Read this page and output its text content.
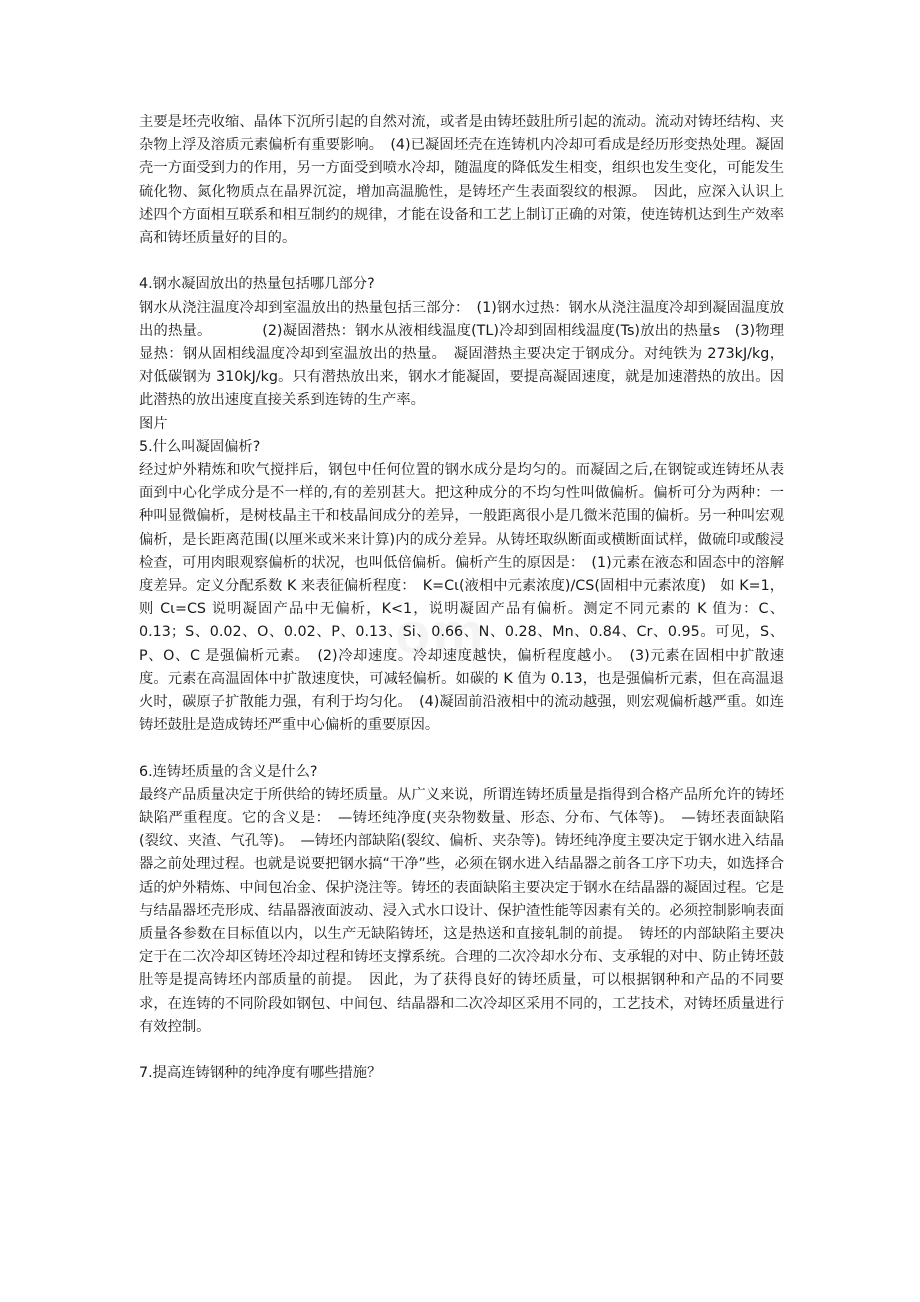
主要是坯壳收缩、晶体下沉所引起的自然对流，或者是由铸坯鼓肚所引起的流动。流动对铸坯结构、夹杂物上浮及溶质元素偏析有重要影响。　(4)已凝固坯壳在连铸机内冷却可看成是经历形变热处理。凝固壳一方面受到力的作用，另一方面受到喷水冷却，随温度的降低发生相变，组织也发生变化，可能发生硫化物、氮化物质点在晶界沉淀，增加高温脆性，是铸坯产生表面裂纹的根源。　因此，应深入认识上述四个方面相互联系和相互制约的规律，才能在设备和工艺上制订正确的对策，使连铸机达到生产效率高和铸坯质量好的目的。

4.钢水凝固放出的热量包括哪几部分?

钢水从浇注温度冷却到室温放出的热量包括三部分：　(1)钢水过热：钢水从浇注温度冷却到凝固温度放出的热量。　　　　(2)凝固潜热：钢水从液相线温度(TL)冷却到固相线温度(Ts)放出的热量s　(3)物理显热：钢从固相线温度冷却到室温放出的热量。　凝固潜热主要决定于钢成分。对纯铁为 273kJ/kg，对低碳钢为 310kJ/kg。只有潜热放出来，钢水才能凝固，要提高凝固速度，就是加速潜热的放出。因此潜热的放出速度直接关系到连铸的生产率。

图片

5.什么叫凝固偏析?

经过炉外精炼和吹气搅拌后，钢包中任何位置的钢水成分是均匀的。而凝固之后,在钢锭或连铸坯从表面到中心化学成分是不一样的,有的差别甚大。把这种成分的不均匀性叫做偏析。偏析可分为两种：一种叫显微偏析，是树枝晶主干和枝晶间成分的差异，一般距离很小是几微米范围的偏析。另一种叫宏观偏析，是长距离范围(以厘米或米来计算)内的成分差异。从铸坯取纵断面或横断面试样，做硫印或酸浸检查，可用肉眼观察偏析的状况，也叫低倍偏析。偏析产生的原因是：　(1)元素在液态和固态中的溶解度差异。定义分配系数 K 来表征偏析程度：　K=Cι(液相中元素浓度)/CS(固相中元素浓度)　如 K=1，则 Cι=CS 说明凝固产品中无偏析，K<1，说明凝固产品有偏析。测定不同元素的 K 值为：C、0.13；S、0.02、O、0.02、P、0.13、Si、0.66、N、0.28、Mn、0.84、Cr、0.95。可见，S、P、O、C 是强偏析元素。　(2)冷却速度。冷却速度越快，偏析程度越小。　(3)元素在固相中扩散速度。元素在高温固体中扩散速度快，可减轻偏析。如碳的 K 值为 0.13，也是强偏析元素，但在高温退火时，碳原子扩散能力强，有利于均匀化。　(4)凝固前沿液相中的流动越强，则宏观偏析越严重。如连铸坯鼓肚是造成铸坯严重中心偏析的重要原因。

6.连铸坯质量的含义是什么?

最终产品质量决定于所供给的铸坯质量。从广义来说，所谓连铸坯质量是指得到合格产品所允许的铸坯缺陷严重程度。它的含义是：　—铸坯纯净度(夹杂物数量、形态、分布、气体等)。　—铸坯表面缺陷(裂纹、夹渣、气孔等)。　—铸坯内部缺陷(裂纹、偏析、夹杂等)。铸坯纯净度主要决定于钢水进入结晶器之前处理过程。也就是说要把钢水搞“干净”些，必须在钢水进入结晶器之前各工序下功夫，如选择合适的炉外精炼、中间包冶金、保护浇注等。铸坯的表面缺陷主要决定于钢水在结晶器的凝固过程。它是与结晶器坯壳形成、结晶器液面波动、浸入式水口设计、保护渣性能等因素有关的。必须控制影响表面质量各参数在目标值以内，以生产无缺陷铸坯，这是热送和直接轧制的前提。　铸坯的内部缺陷主要决定于在二次冷却区铸坯冷却过程和铸坯支撑系统。合理的二次冷却水分布、支承辊的对中、防止铸坯鼓肚等是提高铸坯内部质量的前提。　因此，为了获得良好的铸坯质量，可以根据钢种和产品的不同要求，在连铸的不同阶段如钢包、中间包、结晶器和二次冷却区采用不同的，工艺技术，对铸坯质量进行有效控制。

7.提高连铸钢种的纯净度有哪些措施？
